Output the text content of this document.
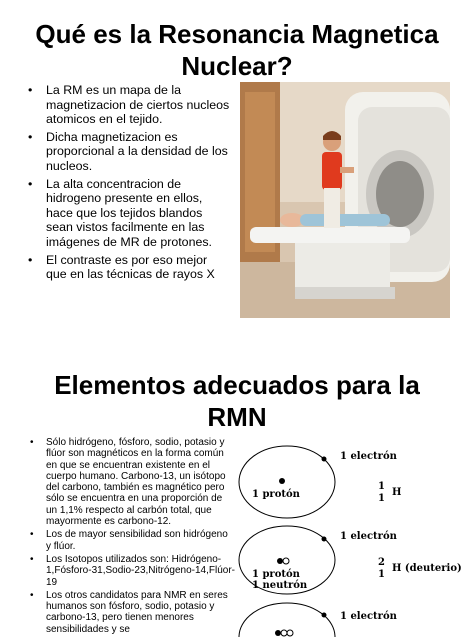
Qué es la Resonancia Magnetica
Nuclear?
• La RM es un mapa de la magnetizacion de ciertos nucleos atomicos en el tejido.
• Dicha magnetizacion es proporcional a la densidad de los nucleos.
• La alta concentracion de hidrogeno presente en ellos, hace que los tejidos blandos sean vistos facilmente en las imágenes de MR de protones.
• El contraste es por eso mejor que en las técnicas de rayos X
Elementos adecuados para la
RMN
• Sólo hidrógeno, fósforo, sodio, potasio y flúor son magnéticos en la forma común en que se encuentran existente en el cuerpo humano. Carbono-13, un isótopo del carbono, también es magnético pero sólo se encuentra en una proporción de un 1,1% respecto al carbón total, que mayormente es carbono-12.
• Los de mayor sensibilidad son hidrógeno y flúor.
• Los Isotopos utilizados son: Hidrógeno-1,Fósforo-31,Sodio-23,Nitrógeno-14,Flúor-19
• Los otros candidatos para NMR en seres humanos son fósforo, sodio, potasio y carbono-13, pero tienen menores sensibilidades y se
1 electrón
1 protón
1
1
H
1 electrón
1 protón
1 neutrón
2
1
H (deuterio)
1 electrón
